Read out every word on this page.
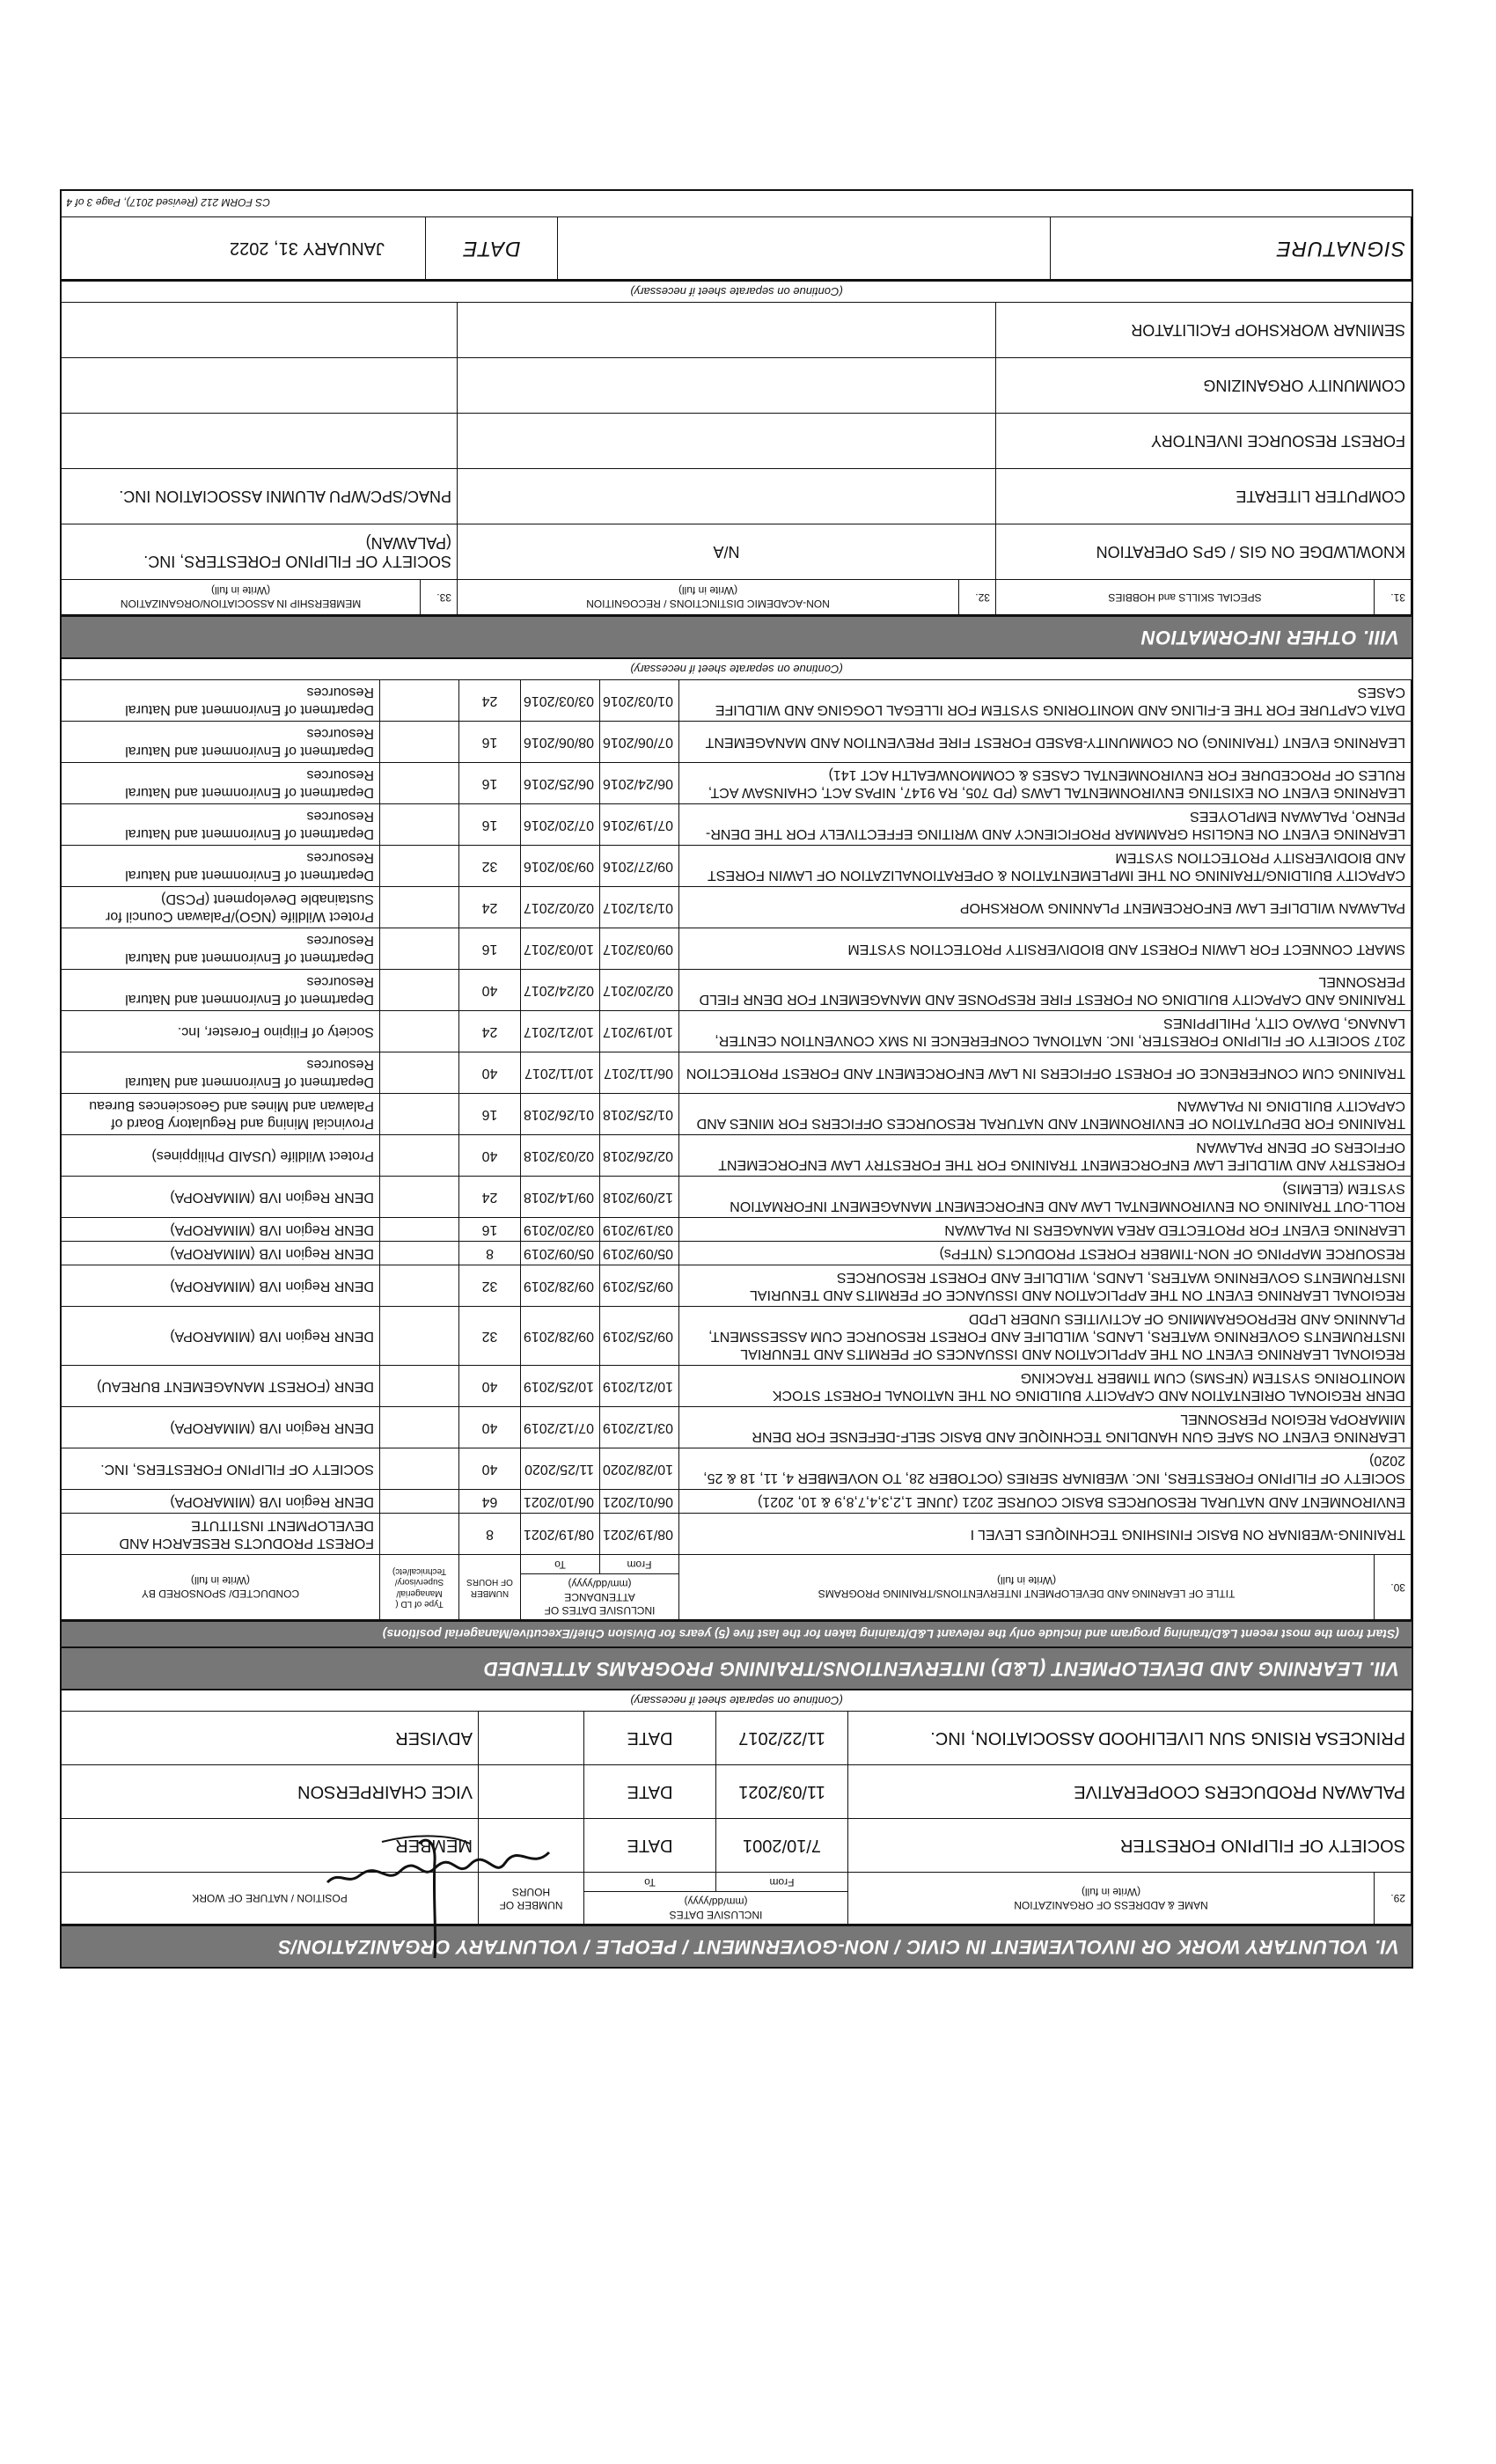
VI. VOLUNTARY WORK OR INVOLVEMENT IN CIVIC / NON-GOVERNMENT / PEOPLE / VOLUNTARY ORGANIZATION/S
29.	NAME & ADDRESS OF ORGANIZATION
(Write in full)	INCLUSIVE DATES
(mm/dd/yyyy)		NUMBER OF HOURS	POSITION / NATURE OF WORK
		From	To		
SOCIETY OF FILIPINO FORESTER		7/10/2001	DATE		MEMBER
PALAWAN PRODUCERS COOPERATIVE		11/03/2021	DATE		VICE CHAIRPERSON
PRINCESA RISING SUN LIVELIHOOD ASSOCIATION, INC.		11/22/2017	DATE		ADVISER
(Continue on separate sheet if necessary)
VII. LEARNING AND DEVELOPMENT (L&D) INTERVENTIONS/TRAINING PROGRAMS ATTENDED
(Start from the most recent L&D/training program and include only the relevant L&D/training taken for the last five (5) years for Division Chief/Executive/Managerial positions)
30.	TITLE OF LEARNING AND DEVELOPMENT INTERVENTIONS/TRAINING PROGRAMS
(Write in full)	INCLUSIVE DATES OF ATTENDANCE
(mm/dd/yyyy)		NUMBER OF HOURS	Type of LD ( Managerial/ Supervisory/ Technical/etc)	CONDUCTED/ SPONSORED BY
(Write in full)
		From	To			
TRAINING-WEBINAR ON BASIC FINISHING TECHNIQUES LEVEL I		08/19/2021	08/19/2021	8		FOREST PRODUCTS RESEARCH AND DEVELOPMENT INSTITUTE
ENVIRONMENT AND NATURAL RESOURCES BASIC COURSE 2021 (JUNE 1,2,3,4,7,8,9 & 10, 2021)		06/01/2021	06/10/2021	64		DENR Region IVB (MIMAROPA)
SOCIETY OF FILIPINO FORESTERS, INC. WEBINAR SERIES (OCTOBER 28, TO NOVEMBER 4, 11, 18 & 25, 2020)		10/28/2020	11/25/2020	40		SOCIETY OF FILIPINO FORESTERS, INC.
LEARNING EVENT ON SAFE GUN HANDLING TECHNIQUE AND BASIC SELF-DEFENSE FOR DENR MIMAROPA REGION PERSONNEL		03/12/2019	07/12/2019	40		DENR Region IVB (MIMAROPA)
DENR REGIONAL ORIENTATION AND CAPACITY BUILDING ON THE NATIONAL FOREST STOCK MONITORING SYSTEM (NFSMS) CUM TIMBER TRACKING		10/21/2019	10/25/2019	40		DENR (FOREST MANAGEMENT BUREAU)
REGIONAL LEARNING EVENT ON THE APPLICATION AND ISSUANCES OF PERMITS AND TENURIAL INSTRUMENTS GOVERNING WATERS, LANDS, WILDLIFE AND FOREST RESOURCE CUM ASSESSMENT, PLANNING AND REPROGRAMMING OF ACTIVITIES UNDER LPDD		09/25/2019	09/28/2019	32		DENR Region IVB (MIMAROPA)
REGIONAL LEARNING EVENT ON THE APPLICATION AND ISSUANCE OF PERMITS AND TENURIAL INSTRUMENTS GOVERNING WATERS, LANDS, WILDLIFE AND FOREST RESOURCES		09/25/2019	09/28/2019	32		DENR Region IVB (MIMAROPA)
RESOURCE MAPPING OF NON-TIMBER FOREST PRODUCTS (NTFPs)		05/09/2019	05/09/2019	8		DENR Region IVB (MIMAROPA)
LEARNING EVENT FOR PROTECTED AREA MANAGERS IN PALAWAN		03/19/2019	03/20/2019	16		DENR Region IVB (MIMAROPA)
ROLL-OUT TRAINING ON ENVIRONMENTAL LAW AND ENFORCEMENT MANAGEMENT INFORMATION SYSTEM (ELEMIS)		12/09/2018	09/14/2018	24		DENR Region IVB (MIMAROPA)
FORESTRY AND WILDLIFE LAW ENFORCEMENT TRAINING FOR THE FORESTRY LAW ENFORCEMENT OFFICERS OF DENR PALAWAN		02/26/2018	02/03/2018	40		Protect Wildlife (USAID Philippines)
TRAINING FOR DEPUTATION OF ENVIRONMENT AND NATURAL RESOURCES OFFICERS FOR MINES AND CAPACITY BUILDING IN PALAWAN		01/25/2018	01/26/2018	16		Provincial Mining and Regulatory Board of Palawan and Mines and Geosciences Bureau
TRAINING CUM CONFERENCE OF FOREST OFFICERS IN LAW ENFORCEMENT AND FOREST PROTECTION		06/11/2017	10/11/2017	40		Department of Environment and Natural Resources
2017 SOCIETY OF FILIPINO FORESTER, INC. NATIONAL CONFERENCE IN SMX CONVENTION CENTER, LANANG, DAVAO CITY, PHILIPPINES		10/19/2017	10/21/2017	24		Society of Filipino Forester, Inc.
TRAINING AND CAPACITY BUILDING ON FOREST FIRE RESPONSE AND MANAGEMENT FOR DENR FIELD PERSONNEL		02/20/2017	02/24/2017	40		Department of Environment and Natural Resources
SMART CONNECT FOR LAWIN FOREST AND BIODIVERSITY PROTECTION SYSTEM		09/03/2017	10/03/2017	16		Department of Environment and Natural Resources
PALAWAN WILDLIFE LAW ENFORCEMENT PLANNING WORKSHOP		01/31/2017	02/02/2017	24		Protect Wildlife (NGO)/Palawan Council for Sustainable Development (PCSD)
CAPACITY BUILDING/TRAINING ON THE IMPLEMENTATION & OPERATIONALIZATION OF LAWIN FOREST AND BIODIVERSITY PROTECTION SYSTEM		09/27/2016	09/30/2016	32		Department of Environment and Natural Resources
LEARNING EVENT ON ENGLISH GRAMMAR PROFICIENCY AND WRITING EFFECTIVELY FOR THE DENR-PENRO, PALAWAN EMPLOYEES		07/19/2016	07/20/2016	16		Department of Environment and Natural Resources
LEARNING EVENT ON EXISTING ENVIRONMENTAL LAWS (PD 705, RA 9147, NIPAS ACT, CHAINSAW ACT, RULES OF PROCEDURE FOR ENVIRONMENTAL CASES & COMMONWEALTH ACT 141)		06/24/2016	06/25/2016	16		Department of Environment and Natural Resources
LEARNING EVENT (TRAINING) ON COMMUNITY-BASED FOREST FIRE PREVENTION AND MANAGEMENT		07/06/2016	08/06/2016	16		Department of Environment and Natural Resources
DATA CAPTURE FOR THE E-FILING AND MONITORING SYSTEM FOR ILLEGAL LOGGING AND WILDLIFE CASES		01/03/2016	03/03/2016	24		Department of Environment and Natural Resources
(Continue on separate sheet if necessary)
VIII. OTHER INFORMATION
31.	SPECIAL SKILLS and HOBBIES	32.	NON-ACADEMIC DISTINCTIONS / RECOGNITION
(Write in full)	33.	MEMBERSHIP IN ASSOCIATION/ORGANIZATION
(Write in full)
KNOWLWDGE ON GIS / GPS OPERATION		N/A		SOCIETY OF FILIPINO FORESTERS, INC. (PALAWAN)	
COMPUTER LITERATE				PNAC/SPC/WPU ALUMNI ASSOCIATION INC.	
FOREST RESOURCE INVENTORY					
COMMUNITY ORGANIZING					
SEMINAR WORKSHOP FACILITATOR					
(Continue on separate sheet if necessary)
SIGNATURE		DATE	JANUARY 31, 2022
CS FORM 212 (Revised 2017), Page 3 of 4
